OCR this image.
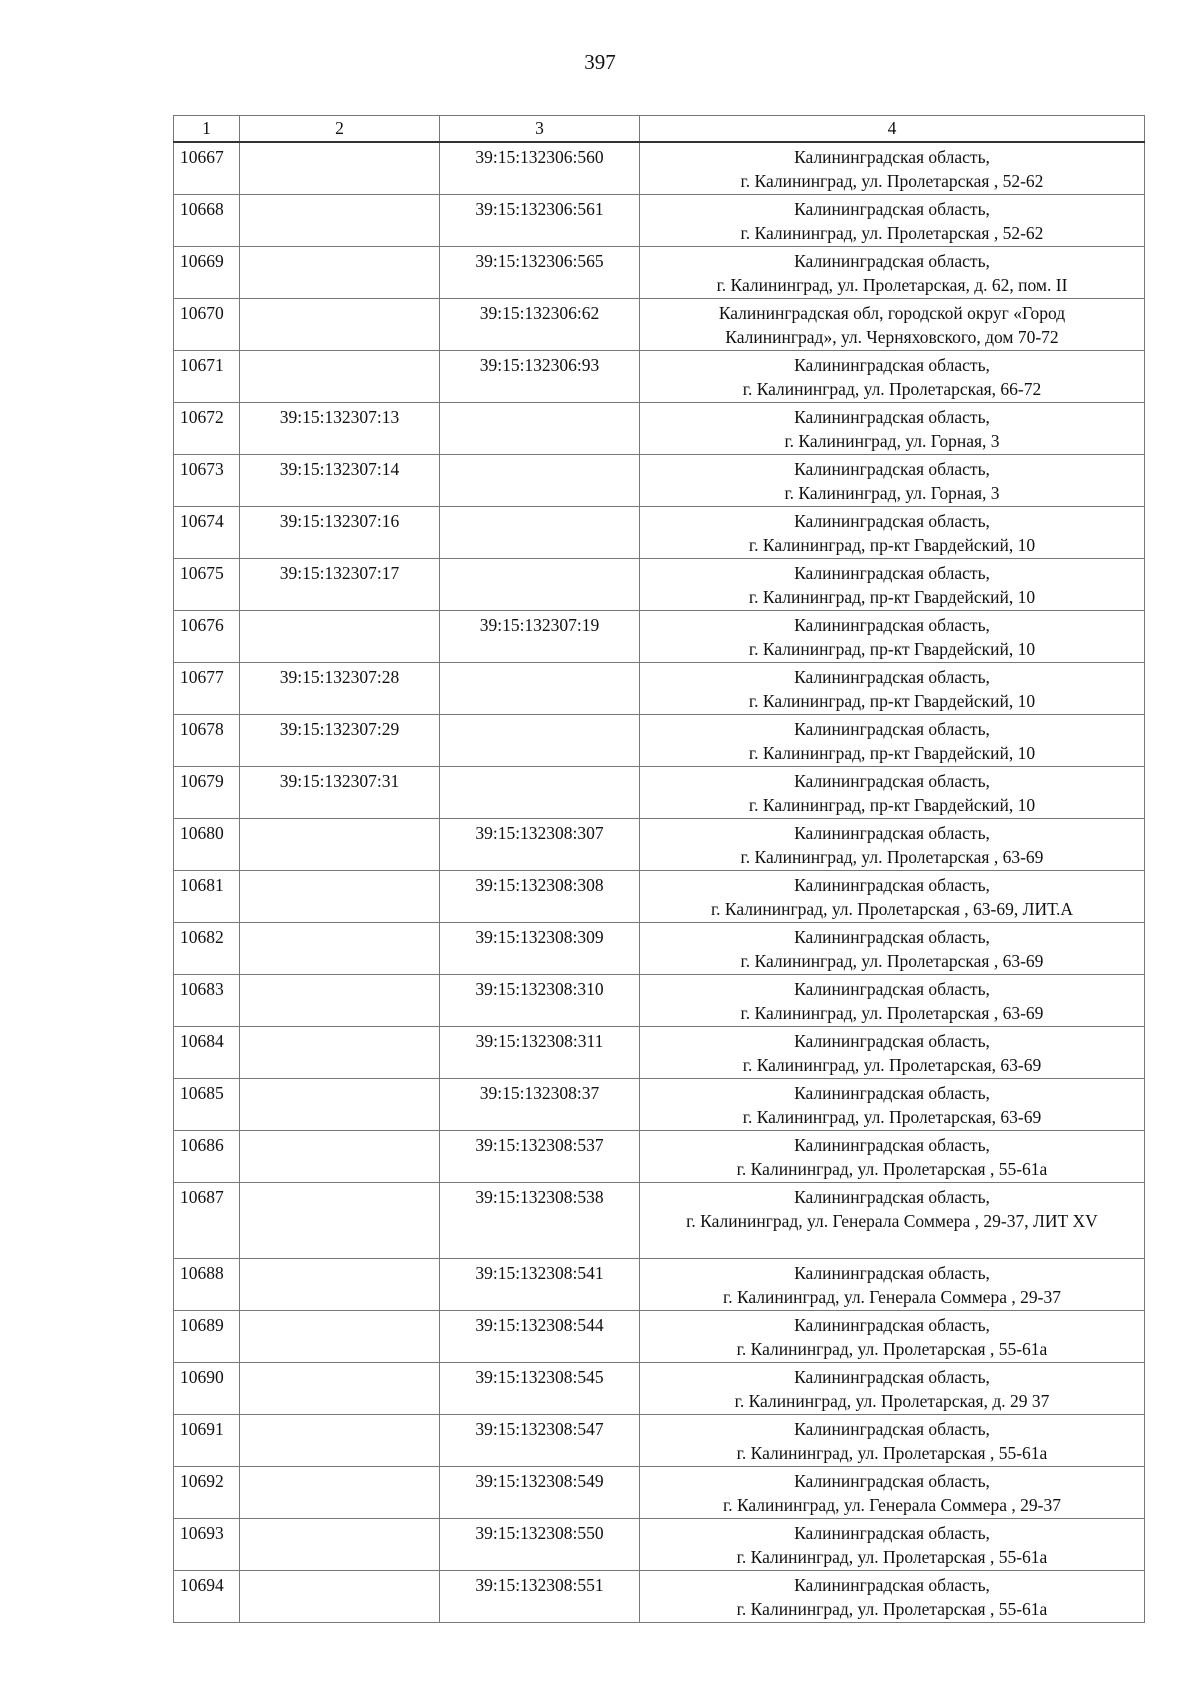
397
1	2	3	4
10667		39:15:132306:560	Калининградская область,
г. Калининград, ул. Пролетарская , 52-62

10668		39:15:132306:561	Калининградская область,
г. Калининград, ул. Пролетарская , 52-62

10669		39:15:132306:565	Калининградская область,
г. Калининград, ул. Пролетарская, д. 62, пом. II

10670		39:15:132306:62	Калининградская обл, городской округ «Город
Калининград», ул. Черняховского, дом 70-72

10671		39:15:132306:93	Калининградская область,
г. Калининград, ул. Пролетарская, 66-72

10672	39:15:132307:13		Калининградская область,
г. Калининград, ул. Горная, 3

10673	39:15:132307:14		Калининградская область,
г. Калининград, ул. Горная, 3

10674	39:15:132307:16		Калининградская область,
г. Калининград, пр-кт Гвардейский, 10

10675	39:15:132307:17		Калининградская область,
г. Калининград, пр-кт Гвардейский, 10

10676		39:15:132307:19	Калининградская область,
г. Калининград, пр-кт Гвардейский, 10

10677	39:15:132307:28		Калининградская область,
г. Калининград, пр-кт Гвардейский, 10

10678	39:15:132307:29		Калининградская область,
г. Калининград, пр-кт Гвардейский, 10

10679	39:15:132307:31		Калининградская область,
г. Калининград, пр-кт Гвардейский, 10

10680		39:15:132308:307	Калининградская область,
г. Калининград, ул. Пролетарская , 63-69

10681		39:15:132308:308	Калининградская область,
г. Калининград, ул. Пролетарская , 63-69, ЛИТ.А

10682		39:15:132308:309	Калининградская область,
г. Калининград, ул. Пролетарская , 63-69

10683		39:15:132308:310	Калининградская область,
г. Калининград, ул. Пролетарская , 63-69

10684		39:15:132308:311	Калининградская область,
г. Калининград, ул. Пролетарская, 63-69

10685		39:15:132308:37	Калининградская область,
г. Калининград, ул. Пролетарская, 63-69

10686		39:15:132308:537	Калининградская область,
г. Калининград, ул. Пролетарская , 55-61а

10687		39:15:132308:538	Калининградская область,
г. Калининград, ул. Генерала Соммера , 29-37, ЛИТ XV

10688		39:15:132308:541	Калининградская область,
г. Калининград, ул. Генерала Соммера , 29-37

10689		39:15:132308:544	Калининградская область,
г. Калининград, ул. Пролетарская , 55-61а

10690		39:15:132308:545	Калининградская область,
г. Калининград, ул. Пролетарская, д. 29 37

10691		39:15:132308:547	Калининградская область,
г. Калининград, ул. Пролетарская , 55-61а

10692		39:15:132308:549	Калининградская область,
г. Калининград, ул. Генерала Соммера , 29-37

10693		39:15:132308:550	Калининградская область,
г. Калининград, ул. Пролетарская , 55-61а

10694		39:15:132308:551	Калининградская область,
г. Калининград, ул. Пролетарская , 55-61а
